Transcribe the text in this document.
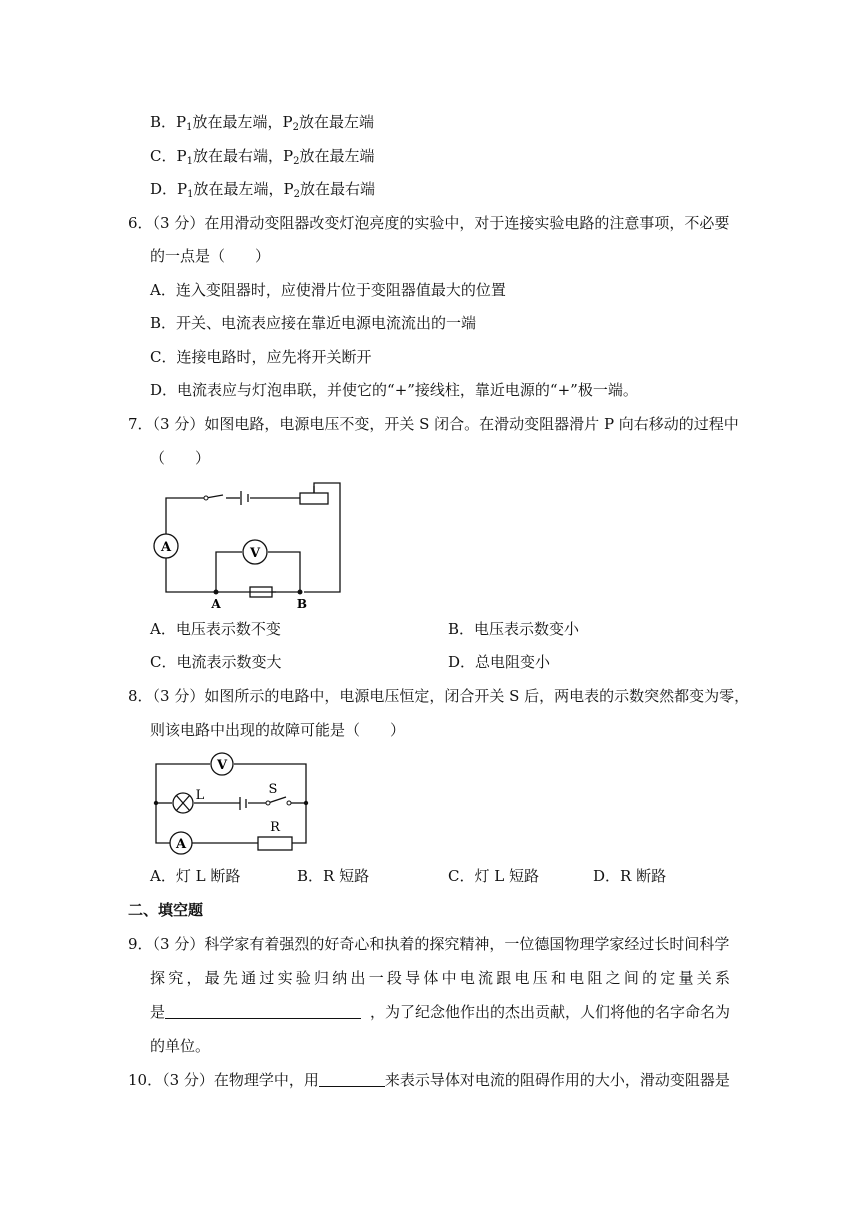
B．$P_1$放在最左端，$P_2$放在最左端
C．$P_1$放在最右端，$P_2$放在最左端
D．$P_1$放在最左端，$P_2$放在最右端
6．（3 分）在用滑动变阻器改变灯泡亮度的实验中，对于连接实验电路的注意事项，不必要
的一点是（　　）
A．连入变阻器时，应使滑片位于变阻器值最大的位置
B．开关、电流表应接在靠近电源电流流出的一端
C．连接电路时，应先将开关断开
D．电流表应与灯泡串联，并使它的“+”接线柱，靠近电源的“+”极一端。
7．（3 分）如图电路，电源电压不变，开关 S 闭合。在滑动变阻器滑片 P 向右移动的过程中
（　　）
A	V
A	B
A．电压表示数不变	B．电压表示数变小
C．电流表示数变大	D．总电阻变小
8．（3 分）如图所示的电路中，电源电压恒定，闭合开关 S 后，两电表的示数突然都变为零，
则该电路中出现的故障可能是（　　）
V
A
L	S
R
A．灯 L 断路	B．R 短路	C．灯 L 短路	D．R 断路
二、填空题
9．（3 分）科学家有着强烈的好奇心和执着的探究精神，一位德国物理学家经过长时间科学
探究，最先通过实验归纳出一段导体中电流跟电压和电阻之间的定量关系
是	，为了纪念他作出的杰出贡献，人们将他的名字命名为
的单位。
10．（3 分）在物理学中，用	来表示导体对电流的阻碍作用的大小，滑动变阻器是
